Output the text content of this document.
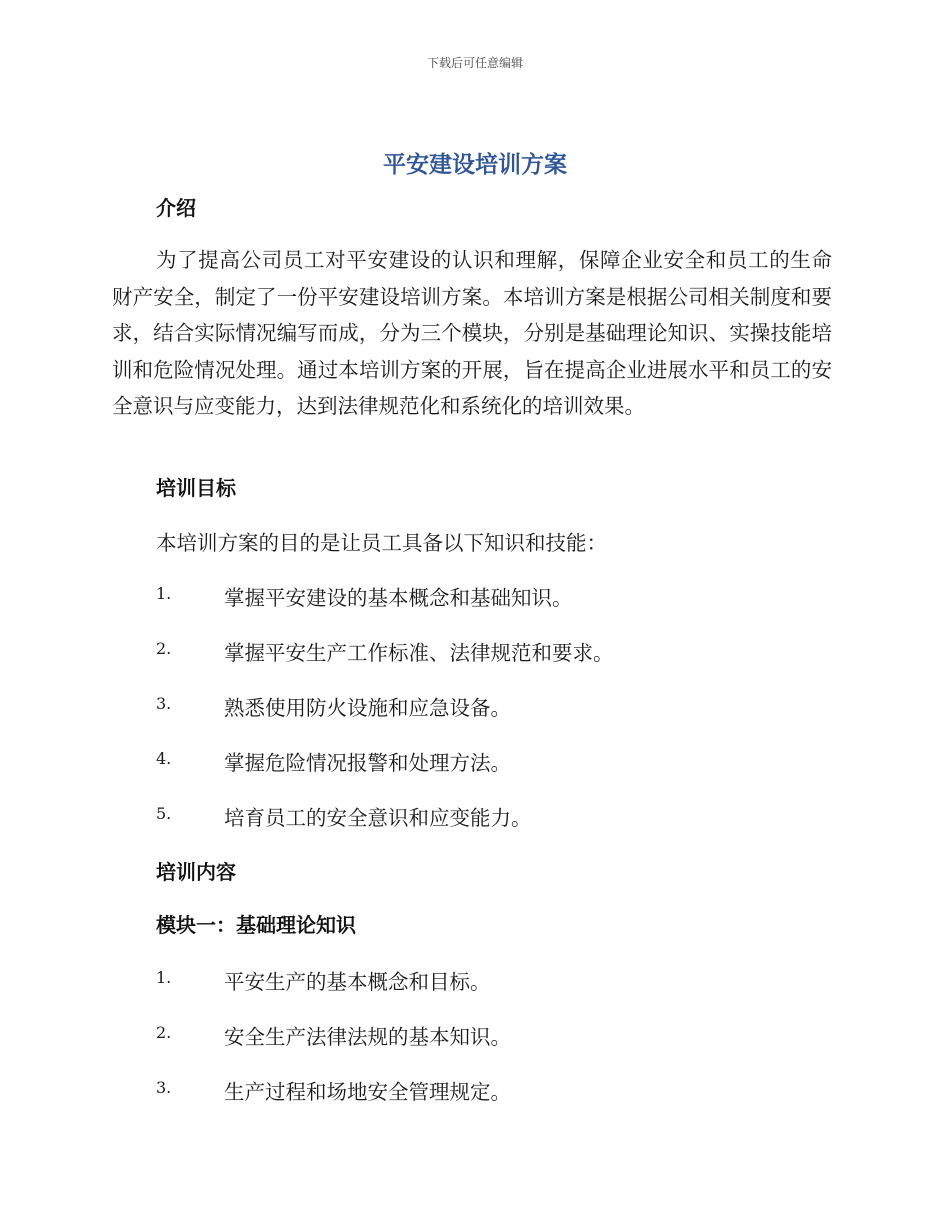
下载后可任意编辑
平安建设培训方案
介绍
为了提高公司员工对平安建设的认识和理解，保障企业安全和员工的生命财产安全，制定了一份平安建设培训方案。本培训方案是根据公司相关制度和要求，结合实际情况编写而成，分为三个模块，分别是基础理论知识、实操技能培训和危险情况处理。通过本培训方案的开展，旨在提高企业进展水平和员工的安全意识与应变能力，达到法律规范化和系统化的培训效果。
培训目标
本培训方案的目的是让员工具备以下知识和技能：
1.	掌握平安建设的基本概念和基础知识。
2.	掌握平安生产工作标准、法律规范和要求。
3.	熟悉使用防火设施和应急设备。
4.	掌握危险情况报警和处理方法。
5.	培育员工的安全意识和应变能力。
培训内容
模块一：基础理论知识
1.	平安生产的基本概念和目标。
2.	安全生产法律法规的基本知识。
3.	生产过程和场地安全管理规定。
